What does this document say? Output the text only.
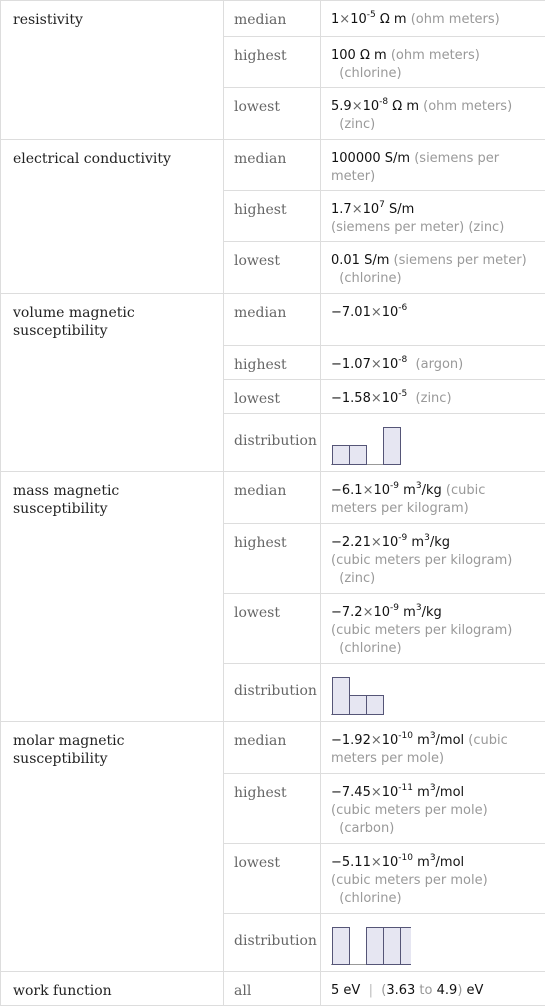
resistivity	median	$1\times 10^{-5}$ Ω m (ohm meters)
	highest	100 Ω m (ohm meters)
(chlorine)
	lowest	$5.9\times 10^{-8}$ Ω m (ohm meters)
(zinc)
electrical conductivity	median	100000 S/m (siemens per meter)
	highest	$1.7\times 10^7$ S/m
(siemens per meter) (zinc)
	lowest	0.01 S/m (siemens per meter)
(chlorine)
volume magnetic susceptibility	median	$-7.01\times 10^{-6}$
	highest	$-1.07\times 10^{-8}$ (argon)
	lowest	$-1.58\times 10^{-5}$ (zinc)
	distribution	

mass magnetic susceptibility	median	$-6.1\times 10^{-9}$ $m^3/kg$ (cubic meters per kilogram)
	highest	$-2.21\times 10^{-9}$ $m^3/kg$
(cubic meters per kilogram)
(zinc)
	lowest	$-7.2\times 10^{-9}$ $m^3/kg$
(cubic meters per kilogram)
(chlorine)
	distribution	

molar magnetic susceptibility	median	$-1.92\times 10^{-10}$ $m^3$/mol (cubic meters per mole)
	highest	$-7.45\times 10^{-11}$ $m^3$/mol
(cubic meters per mole)
(carbon)
	lowest	$-5.11\times 10^{-10}$ $m^3$/mol
(cubic meters per mole)
(chlorine)
	distribution	

work function	all	5 eV | (3.63 to 4.9) eV
